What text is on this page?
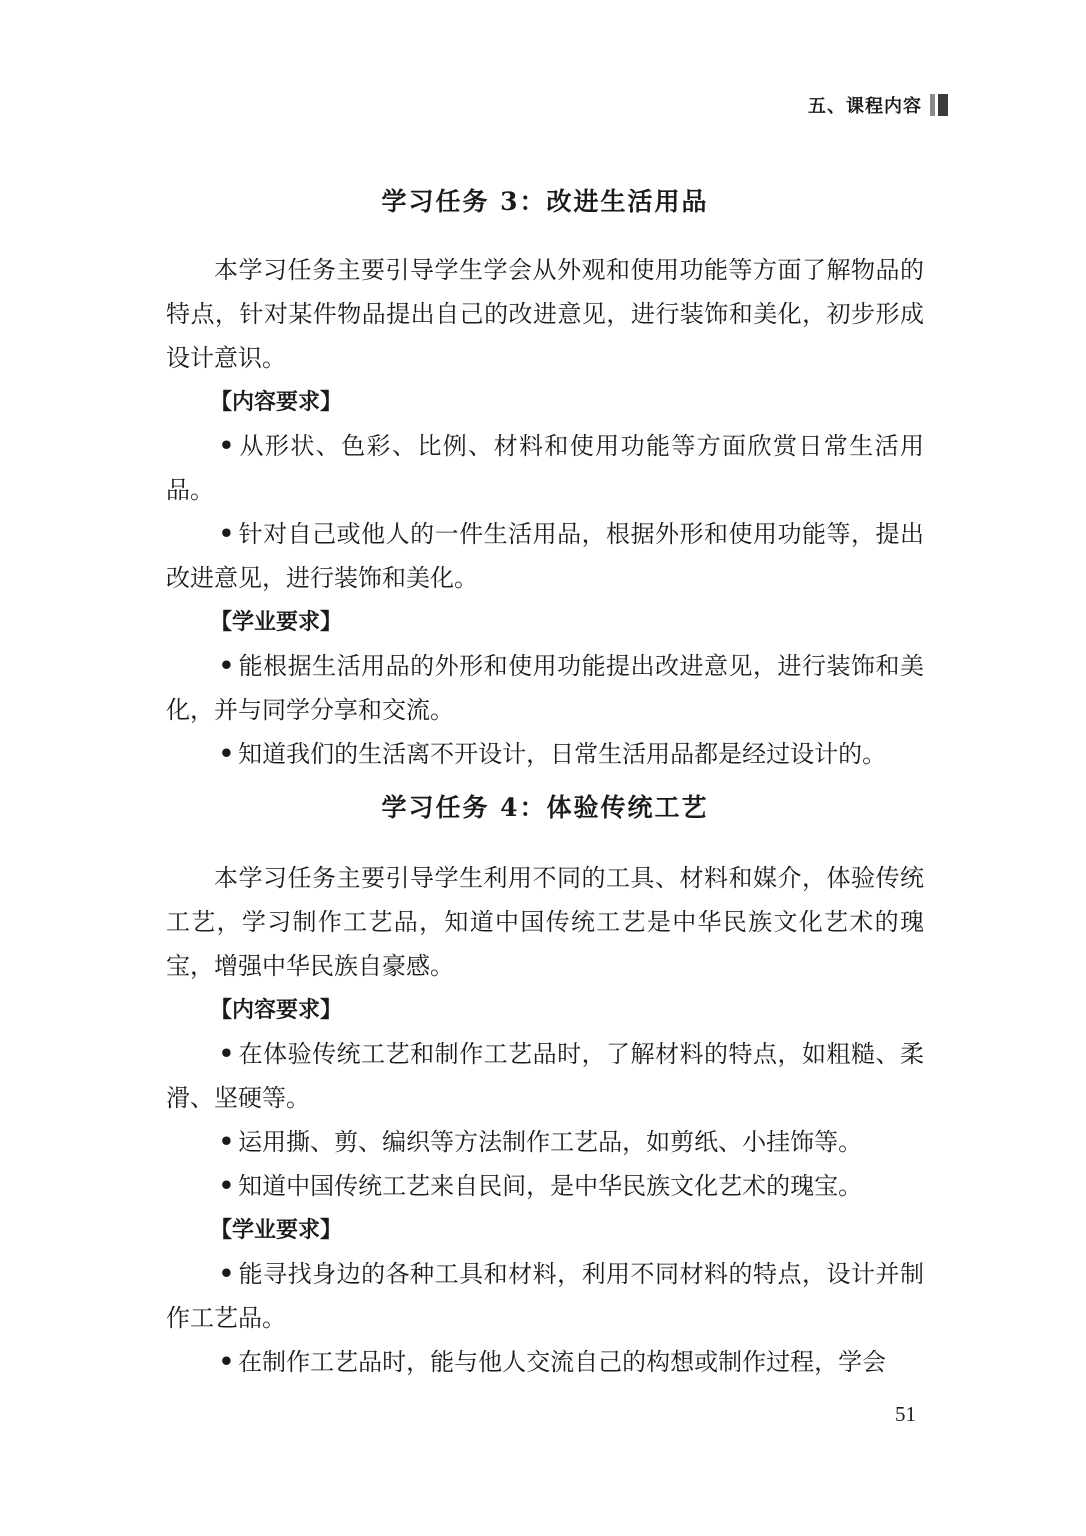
五、课程内容
学习任务 3：改进生活用品

本学习任务主要引导学生学会从外观和使用功能等方面了解物品的特点，针对某件物品提出自己的改进意见，进行装饰和美化，初步形成设计意识。

【内容要求】

• 从形状、色彩、比例、材料和使用功能等方面欣赏日常生活用品。

• 针对自己或他人的一件生活用品，根据外形和使用功能等，提出改进意见，进行装饰和美化。

【学业要求】

• 能根据生活用品的外形和使用功能提出改进意见，进行装饰和美化，并与同学分享和交流。

• 知道我们的生活离不开设计，日常生活用品都是经过设计的。

学习任务 4：体验传统工艺

本学习任务主要引导学生利用不同的工具、材料和媒介，体验传统工艺，学习制作工艺品，知道中国传统工艺是中华民族文化艺术的瑰宝，增强中华民族自豪感。

【内容要求】

• 在体验传统工艺和制作工艺品时，了解材料的特点，如粗糙、柔滑、坚硬等。

• 运用撕、剪、编织等方法制作工艺品，如剪纸、小挂饰等。

• 知道中国传统工艺来自民间，是中华民族文化艺术的瑰宝。

【学业要求】

• 能寻找身边的各种工具和材料，利用不同材料的特点，设计并制作工艺品。

• 在制作工艺品时，能与他人交流自己的构想或制作过程，学会

51
